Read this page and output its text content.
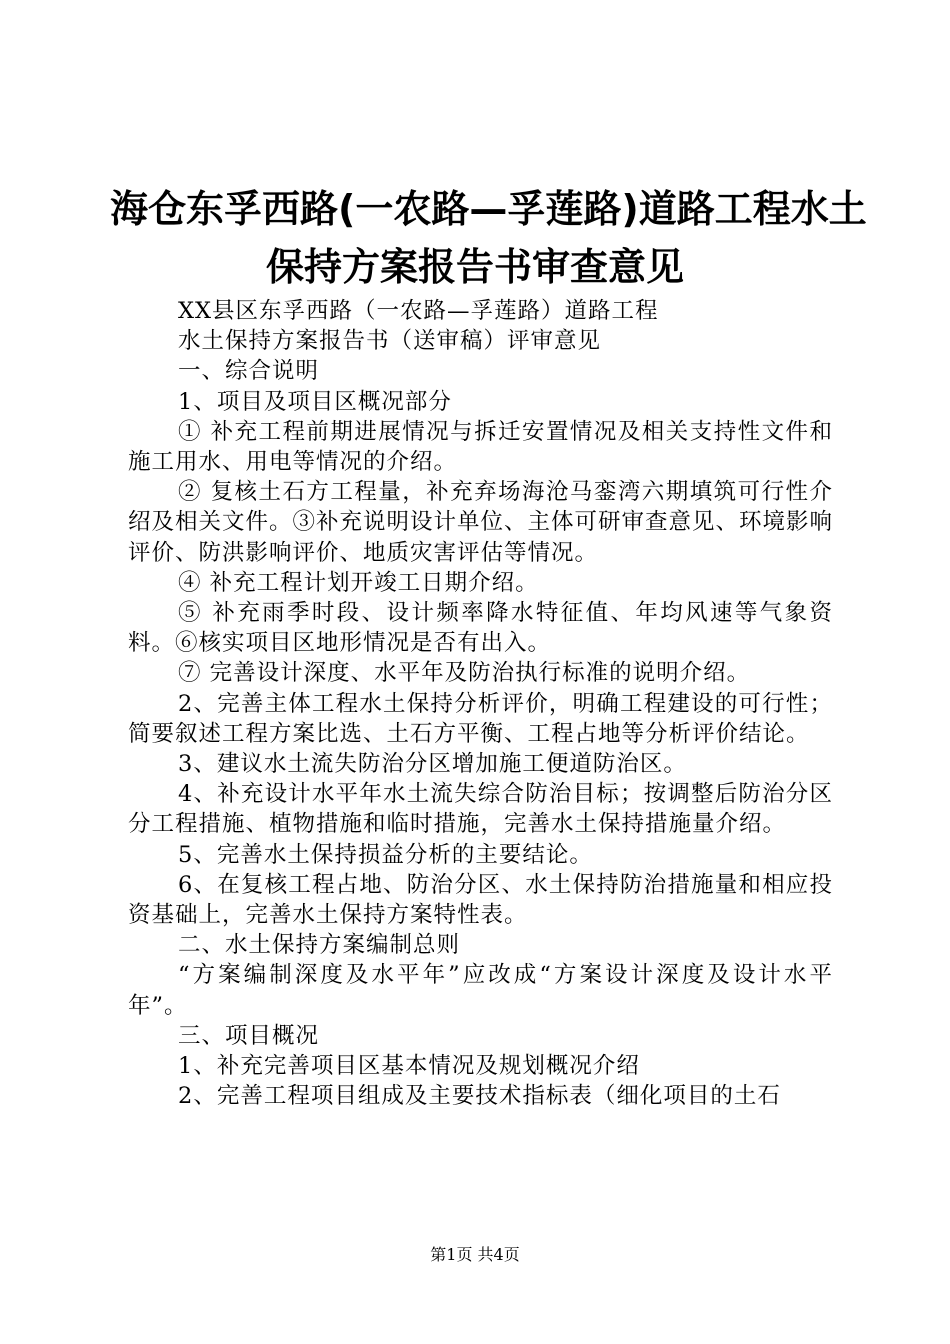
海仓东孚西路(一农路—孚莲路)道路工程水土
保持方案报告书审查意见

XX县区东孚西路（一农路—孚莲路）道路工程

水土保持方案报告书（送审稿）评审意见

一、综合说明

1、项目及项目区概况部分

① 补充工程前期进展情况与拆迁安置情况及相关支持性文件和施工用水、用电等情况的介绍。

② 复核土石方工程量，补充弃场海沧马銮湾六期填筑可行性介绍及相关文件。③补充说明设计单位、主体可研审查意见、环境影响评价、防洪影响评价、地质灾害评估等情况。

④ 补充工程计划开竣工日期介绍。

⑤ 补充雨季时段、设计频率降水特征值、年均风速等气象资料。⑥核实项目区地形情况是否有出入。

⑦ 完善设计深度、水平年及防治执行标准的说明介绍。

2、完善主体工程水土保持分析评价，明确工程建设的可行性；简要叙述工程方案比选、土石方平衡、工程占地等分析评价结论。

3、建议水土流失防治分区增加施工便道防治区。

4、补充设计水平年水土流失综合防治目标；按调整后防治分区分工程措施、植物措施和临时措施，完善水土保持措施量介绍。

5、完善水土保持损益分析的主要结论。

6、在复核工程占地、防治分区、水土保持防治措施量和相应投资基础上，完善水土保持方案特性表。

二、水土保持方案编制总则

“方案编制深度及水平年”应改成“方案设计深度及设计水平年”。

三、项目概况

1、补充完善项目区基本情况及规划概况介绍

2、完善工程项目组成及主要技术指标表（细化项目的土石

第1页 共4页
